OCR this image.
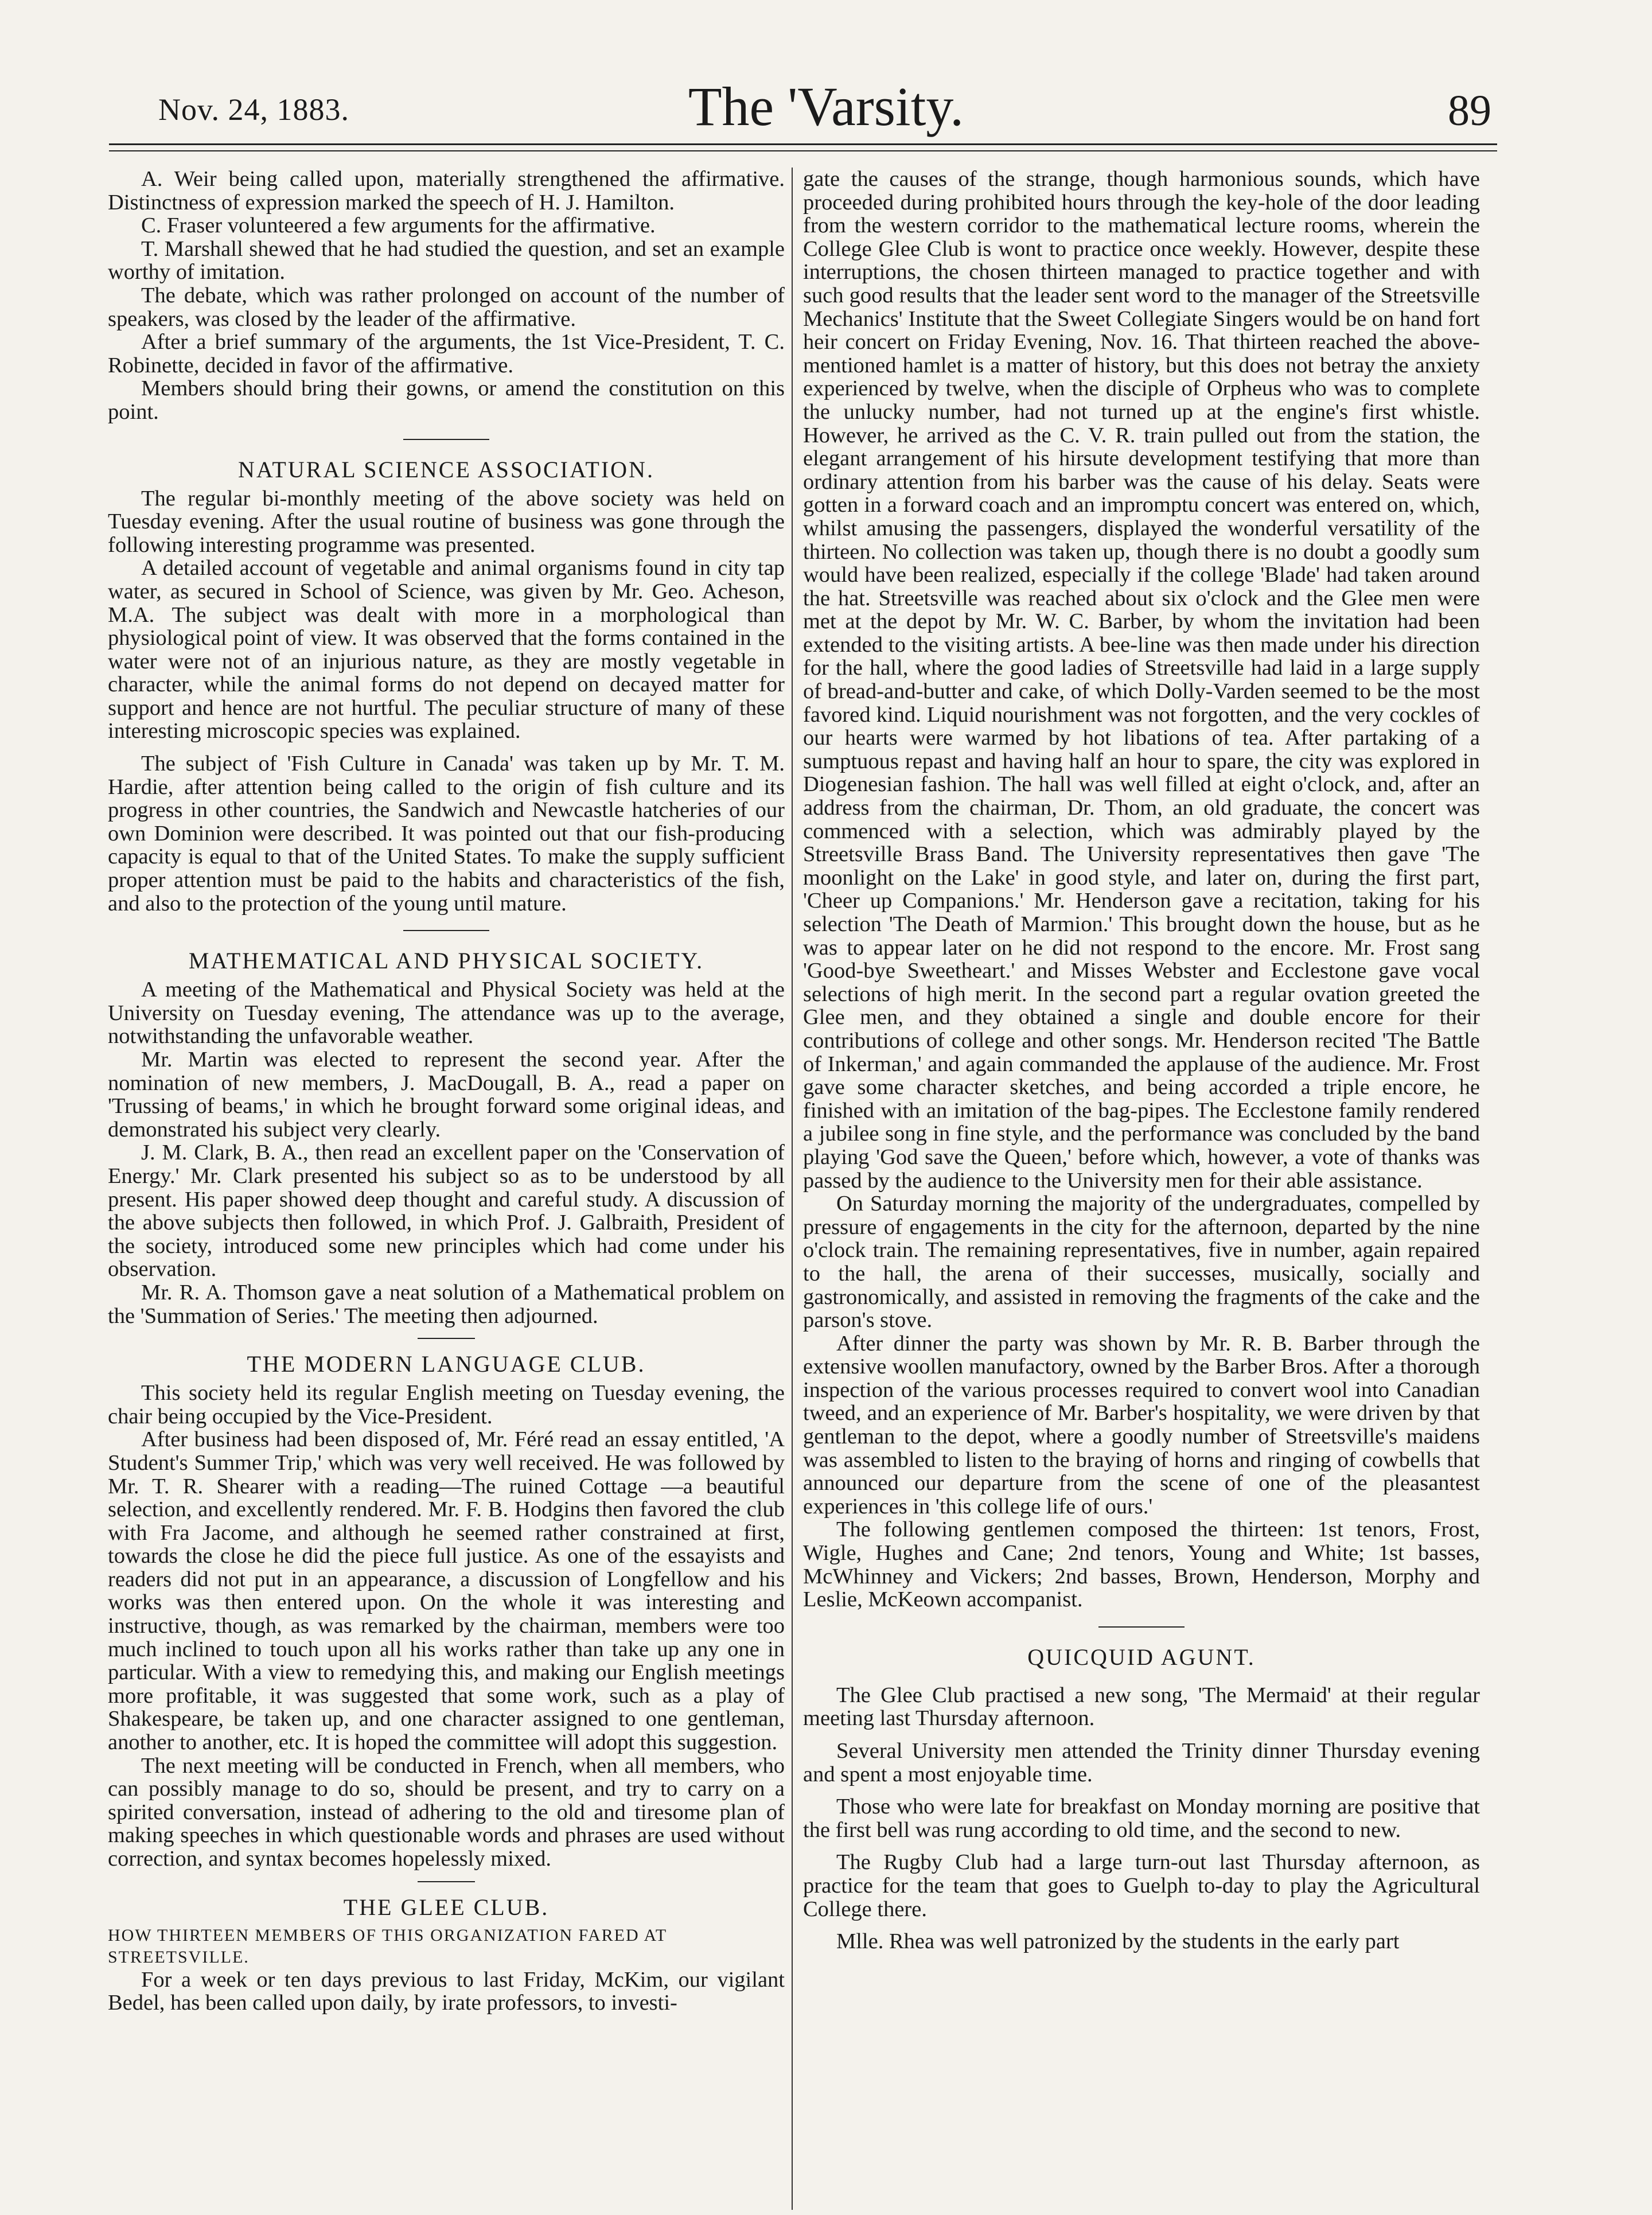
The 'Varsity.
Nov. 24, 1883.	89

A. Weir being called upon, materially strengthened the affirmative. Distinctness of expression marked the speech of H. J. Hamilton.

C. Fraser volunteered a few arguments for the affirmative.

T. Marshall shewed that he had studied the question, and set an example worthy of imitation.

The debate, which was rather prolonged on account of the number of speakers, was closed by the leader of the affirmative.

After a brief summary of the arguments, the 1st Vice-President, T. C. Robinette, decided in favor of the affirmative.

Members should bring their gowns, or amend the constitution on this point.

NATURAL SCIENCE ASSOCIATION.

The regular bi-monthly meeting of the above society was held on Tuesday evening. After the usual routine of business was gone through the following interesting programme was presented.

A detailed account of vegetable and animal organisms found in city tap water, as secured in School of Science, was given by Mr. Geo. Acheson, M.A. The subject was dealt with more in a morphological than physiological point of view. It was observed that the forms contained in the water were not of an injurious nature, as they are mostly vegetable in character, while the animal forms do not depend on decayed matter for support and hence are not hurtful. The peculiar structure of many of these interesting microscopic species was explained.

The subject of 'Fish Culture in Canada' was taken up by Mr. T. M. Hardie, after attention being called to the origin of fish culture and its progress in other countries, the Sandwich and Newcastle hatcheries of our own Dominion were described. It was pointed out that our fish-producing capacity is equal to that of the United States. To make the supply sufficient proper attention must be paid to the habits and characteristics of the fish, and also to the protection of the young until mature.

MATHEMATICAL AND PHYSICAL SOCIETY.

A meeting of the Mathematical and Physical Society was held at the University on Tuesday evening, The attendance was up to the average, notwithstanding the unfavorable weather.

Mr. Martin was elected to represent the second year. After the nomination of new members, J. MacDougall, B. A., read a paper on 'Trussing of beams,' in which he brought forward some original ideas, and demonstrated his subject very clearly.

J. M. Clark, B. A., then read an excellent paper on the 'Conservation of Energy.' Mr. Clark presented his subject so as to be understood by all present. His paper showed deep thought and careful study. A discussion of the above subjects then followed, in which Prof. J. Galbraith, President of the society, introduced some new principles which had come under his observation.

Mr. R. A. Thomson gave a neat solution of a Mathematical problem on the 'Summation of Series.' The meeting then adjourned.

THE MODERN LANGUAGE CLUB.

This society held its regular English meeting on Tuesday evening, the chair being occupied by the Vice-President.

After business had been disposed of, Mr. Féré read an essay entitled, 'A Student's Summer Trip,' which was very well received. He was followed by Mr. T. R. Shearer with a reading—The ruined Cottage —a beautiful selection, and excellently rendered. Mr. F. B. Hodgins then favored the club with Fra Jacome, and although he seemed rather constrained at first, towards the close he did the piece full justice. As one of the essayists and readers did not put in an appearance, a discussion of Longfellow and his works was then entered upon. On the whole it was interesting and instructive, though, as was remarked by the chairman, members were too much inclined to touch upon all his works rather than take up any one in particular. With a view to remedying this, and making our English meetings more profitable, it was suggested that some work, such as a play of Shakespeare, be taken up, and one character assigned to one gentleman, another to another, etc. It is hoped the committee will adopt this suggestion.

The next meeting will be conducted in French, when all members, who can possibly manage to do so, should be present, and try to carry on a spirited conversation, instead of adhering to the old and tiresome plan of making speeches in which questionable words and phrases are used without correction, and syntax becomes hopelessly mixed.

THE GLEE CLUB.

HOW THIRTEEN MEMBERS OF THIS ORGANIZATION FARED AT STREETSVILLE.

For a week or ten days previous to last Friday, McKim, our vigilant Bedel, has been called upon daily, by irate professors, to investi-

gate the causes of the strange, though harmonious sounds, which have proceeded during prohibited hours through the key-hole of the door leading from the western corridor to the mathematical lecture rooms, wherein the College Glee Club is wont to practice once weekly. However, despite these interruptions, the chosen thirteen managed to practice together and with such good results that the leader sent word to the manager of the Streetsville Mechanics' Institute that the Sweet Collegiate Singers would be on hand fort heir concert on Friday Evening, Nov. 16. That thirteen reached the above-mentioned hamlet is a matter of history, but this does not betray the anxiety experienced by twelve, when the disciple of Orpheus who was to complete the unlucky number, had not turned up at the engine's first whistle. However, he arrived as the C. V. R. train pulled out from the station, the elegant arrangement of his hirsute development testifying that more than ordinary attention from his barber was the cause of his delay. Seats were gotten in a forward coach and an impromptu concert was entered on, which, whilst amusing the passengers, displayed the wonderful versatility of the thirteen. No collection was taken up, though there is no doubt a goodly sum would have been realized, especially if the college 'Blade' had taken around the hat. Streetsville was reached about six o'clock and the Glee men were met at the depot by Mr. W. C. Barber, by whom the invitation had been extended to the visiting artists. A bee-line was then made under his direction for the hall, where the good ladies of Streetsville had laid in a large supply of bread-and-butter and cake, of which Dolly-Varden seemed to be the most favored kind. Liquid nourishment was not forgotten, and the very cockles of our hearts were warmed by hot libations of tea. After partaking of a sumptuous repast and having half an hour to spare, the city was explored in Diogenesian fashion. The hall was well filled at eight o'clock, and, after an address from the chairman, Dr. Thom, an old graduate, the concert was commenced with a selection, which was admirably played by the Streetsville Brass Band. The University representatives then gave 'The moonlight on the Lake' in good style, and later on, during the first part, 'Cheer up Companions.' Mr. Henderson gave a recitation, taking for his selection 'The Death of Marmion.' This brought down the house, but as he was to appear later on he did not respond to the encore. Mr. Frost sang 'Good-bye Sweetheart.' and Misses Webster and Ecclestone gave vocal selections of high merit. In the second part a regular ovation greeted the Glee men, and they obtained a single and double encore for their contributions of college and other songs. Mr. Henderson recited 'The Battle of Inkerman,' and again commanded the applause of the audience. Mr. Frost gave some character sketches, and being accorded a triple encore, he finished with an imitation of the bag-pipes. The Ecclestone family rendered a jubilee song in fine style, and the performance was concluded by the band playing 'God save the Queen,' before which, however, a vote of thanks was passed by the audience to the University men for their able assistance.

On Saturday morning the majority of the undergraduates, compelled by pressure of engagements in the city for the afternoon, departed by the nine o'clock train. The remaining representatives, five in number, again repaired to the hall, the arena of their successes, musically, socially and gastronomically, and assisted in removing the fragments of the cake and the parson's stove.

After dinner the party was shown by Mr. R. B. Barber through the extensive woollen manufactory, owned by the Barber Bros. After a thorough inspection of the various processes required to convert wool into Canadian tweed, and an experience of Mr. Barber's hospitality, we were driven by that gentleman to the depot, where a goodly number of Streetsville's maidens was assembled to listen to the braying of horns and ringing of cowbells that announced our departure from the scene of one of the pleasantest experiences in 'this college life of ours.'

The following gentlemen composed the thirteen: 1st tenors, Frost, Wigle, Hughes and Cane; 2nd tenors, Young and White; 1st basses, McWhinney and Vickers; 2nd basses, Brown, Henderson, Morphy and Leslie, McKeown accompanist.

QUICQUID AGUNT.

The Glee Club practised a new song, 'The Mermaid' at their regular meeting last Thursday afternoon.

Several University men attended the Trinity dinner Thursday evening and spent a most enjoyable time.

Those who were late for breakfast on Monday morning are positive that the first bell was rung according to old time, and the second to new.

The Rugby Club had a large turn-out last Thursday afternoon, as practice for the team that goes to Guelph to-day to play the Agricultural College there.

Mlle. Rhea was well patronized by the students in the early part
